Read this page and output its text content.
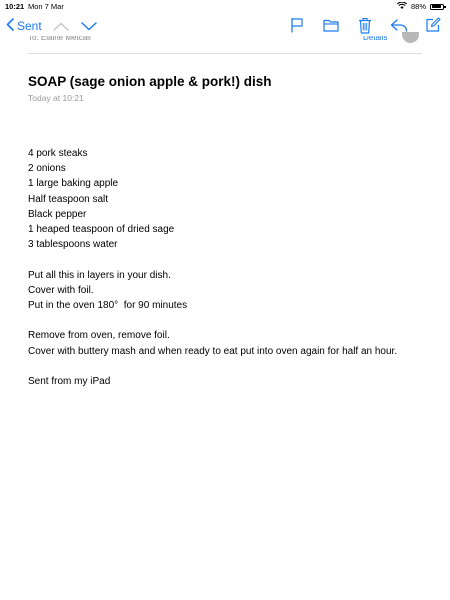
10:21 Mon 7 Mar	88%
Sent
To: Elaine Metcalf	Details
SOAP (sage onion apple & pork!) dish
Today at 10:21
4 pork steaks
2 onions
1 large baking apple
Half teaspoon salt
Black pepper
1 heaped teaspoon of dried sage
3 tablespoons water
Put all this in layers in your dish.
Cover with foil.
Put in the oven 180°  for 90 minutes
Remove from oven, remove foil.
Cover with buttery mash and when ready to eat put into oven again for half an hour.
Sent from my iPad
